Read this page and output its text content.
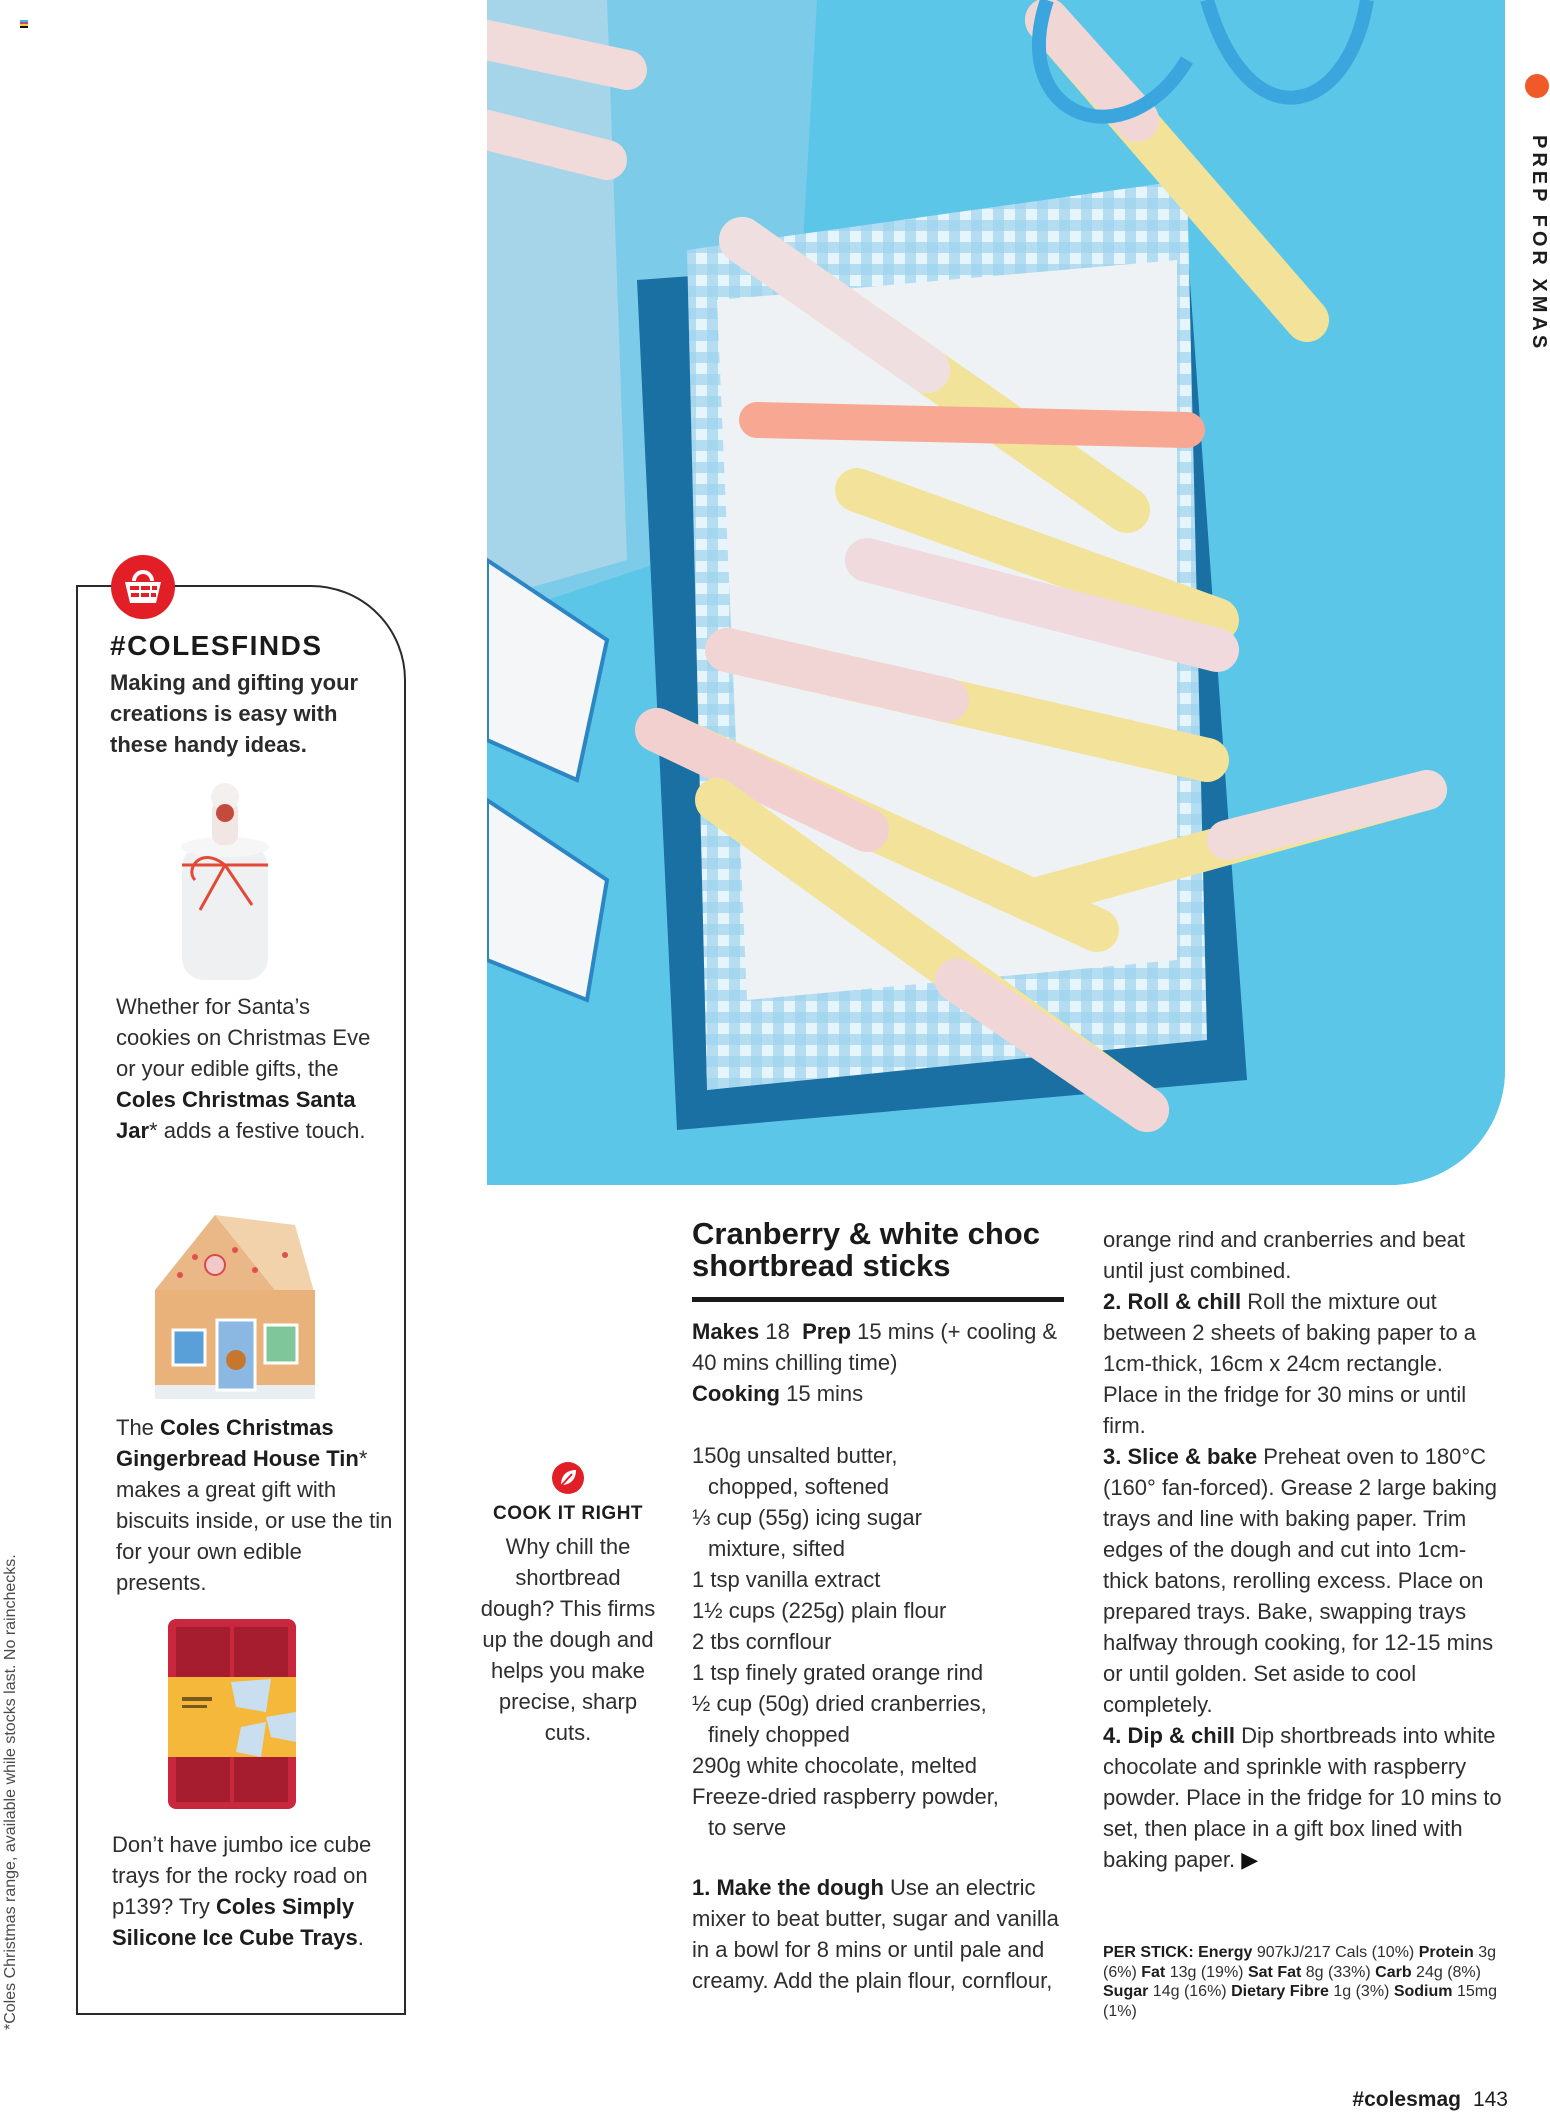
PREP FOR XMAS
#COLESFINDS
Making and gifting your creations is easy with these handy ideas.
Whether for Santa’s cookies on Christmas Eve or your edible gifts, the Coles Christmas Santa Jar* adds a festive touch.
The Coles Christmas Gingerbread House Tin* makes a great gift with biscuits inside, or use the tin for your own edible presents.
Don’t have jumbo ice cube trays for the rocky road on p139? Try Coles Simply Silicone Ice Cube Trays.
COOK IT RIGHT
Why chill the shortbread dough? This firms up the dough and helps you make precise, sharp cuts.
Cranberry & white choc shortbread sticks
Makes 18 Prep 15 mins (+ cooling & 40 mins chilling time)
Cooking 15 mins
150g unsalted butter,
chopped, softened
⅓ cup (55g) icing sugar
mixture, sifted
1 tsp vanilla extract
1½ cups (225g) plain flour
2 tbs cornflour
1 tsp finely grated orange rind
½ cup (50g) dried cranberries,
finely chopped
290g white chocolate, melted
Freeze-dried raspberry powder,
to serve
1. Make the dough Use an electric mixer to beat butter, sugar and vanilla in a bowl for 8 mins or until pale and creamy. Add the plain flour, cornflour,
orange rind and cranberries and beat until just combined.
2. Roll & chill Roll the mixture out between 2 sheets of baking paper to a 1cm-thick, 16cm x 24cm rectangle. Place in the fridge for 30 mins or until firm.
3. Slice & bake Preheat oven to 180°C (160° fan-forced). Grease 2 large baking trays and line with baking paper. Trim edges of the dough and cut into 1cm-thick batons, rerolling excess. Place on prepared trays. Bake, swapping trays halfway through cooking, for 12-15 mins or until golden. Set aside to cool completely.
4. Dip & chill Dip shortbreads into white chocolate and sprinkle with raspberry powder. Place in the fridge for 10 mins to set, then place in a gift box lined with baking paper. ▶
PER STICK: Energy 907kJ/217 Cals (10%) Protein 3g (6%) Fat 13g (19%) Sat Fat 8g (33%) Carb 24g (8%) Sugar 14g (16%) Dietary Fibre 1g (3%) Sodium 15mg (1%)
*Coles Christmas range, available while stocks last. No rainchecks.
#colesmag 143
